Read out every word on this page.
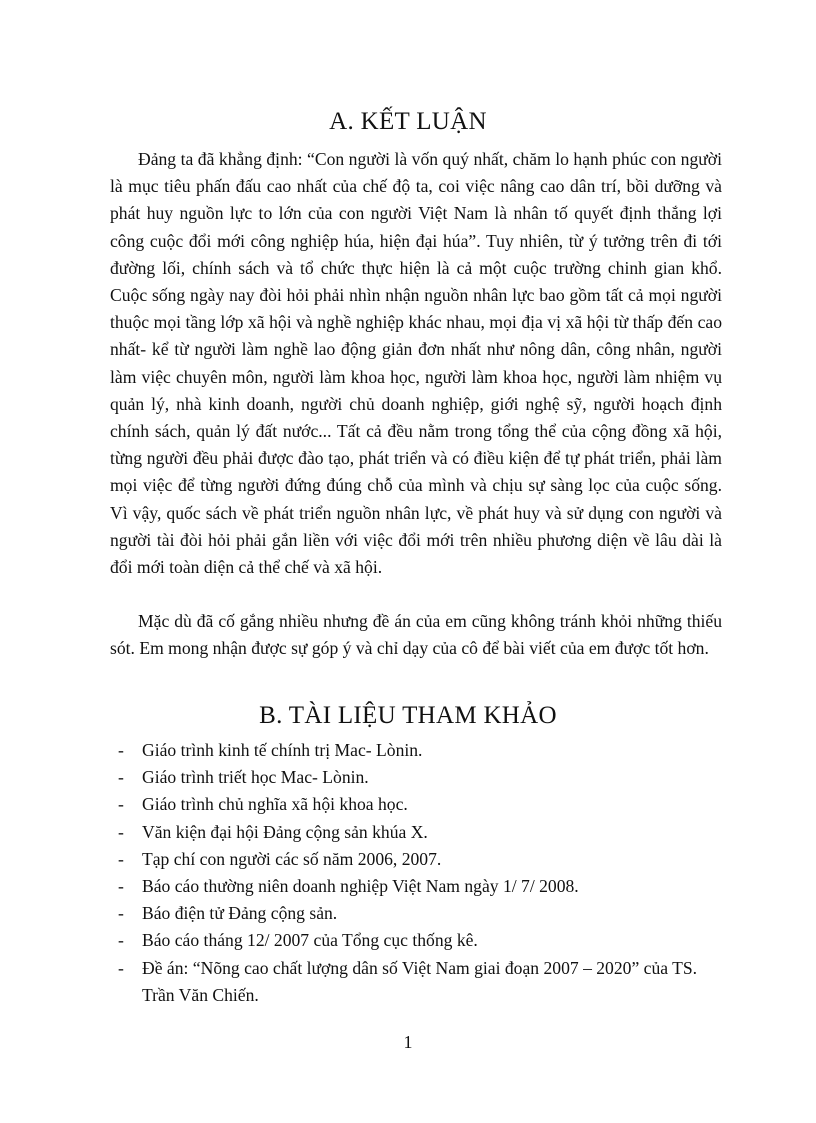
A. KẾT LUẬN

Đảng ta đã khẳng định: “Con người là vốn quý nhất, chăm lo hạnh phúc con người là mục tiêu phấn đấu cao nhất của chế độ ta, coi việc nâng cao dân trí, bồi dưỡng và phát huy nguồn lực to lớn của con người Việt Nam là nhân tố quyết định thắng lợi công cuộc đổi mới công nghiệp húa, hiện đại húa”. Tuy nhiên, từ ý tưởng trên đi tới đường lối, chính sách và tổ chức thực hiện là cả một cuộc trường chinh gian khổ. Cuộc sống ngày nay đòi hỏi phải nhìn nhận nguồn nhân lực bao gồm tất cả mọi người thuộc mọi tầng lớp xã hội và nghề nghiệp khác nhau, mọi địa vị xã hội từ thấp đến cao nhất- kể từ người làm nghề lao động giản đơn nhất như nông dân, công nhân, người làm việc chuyên môn, người làm khoa học, người làm khoa học, người làm nhiệm vụ quản lý, nhà kinh doanh, người chủ doanh nghiệp, giới nghệ sỹ, người hoạch định chính sách, quản lý đất nước... Tất cả đều nằm trong tổng thể của cộng đồng xã hội, từng người đều phải được đào tạo, phát triển và có điều kiện để tự phát triển, phải làm mọi việc để từng người đứng đúng chỗ của mình và chịu sự sàng lọc của cuộc sống. Vì vậy, quốc sách về phát triển nguồn nhân lực, về phát huy và sử dụng con người và người tài đòi hỏi phải gắn liền với việc đổi mới trên nhiều phương diện về lâu dài là đổi mới toàn diện cả thể chế và xã hội.

Mặc dù đã cố gắng nhiều nhưng đề án của em cũng không tránh khỏi những thiếu sót. Em mong nhận được sự góp ý và chỉ dạy của cô để bài viết của em được tốt hơn.

B. TÀI LIỆU THAM KHẢO
- Giáo trình kinh tế chính trị Mac- Lònin.
- Giáo trình triết học Mac- Lònin.
- Giáo trình chủ nghĩa xã hội khoa học.
- Văn kiện đại hội Đảng cộng sản khúa X.
- Tạp chí con người các số năm 2006, 2007.
- Báo cáo thường niên doanh nghiệp Việt Nam ngày 1/ 7/ 2008.
- Báo điện tử Đảng cộng sản.
- Báo cáo tháng 12/ 2007 của Tổng cục thống kê.
- Đề án: “Nõng cao chất lượng dân số Việt Nam giai đoạn 2007 – 2020” của TS. Trần Văn Chiến.
1
